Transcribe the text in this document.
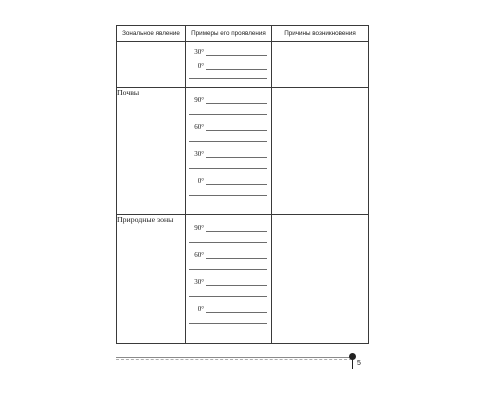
Зональное явление	Примеры его проявления	Причины возникновения

	30°
0°	

Почвы	90°
60°
30°
0°	

Природные зоны	90°
60°
30°
0°	

5
